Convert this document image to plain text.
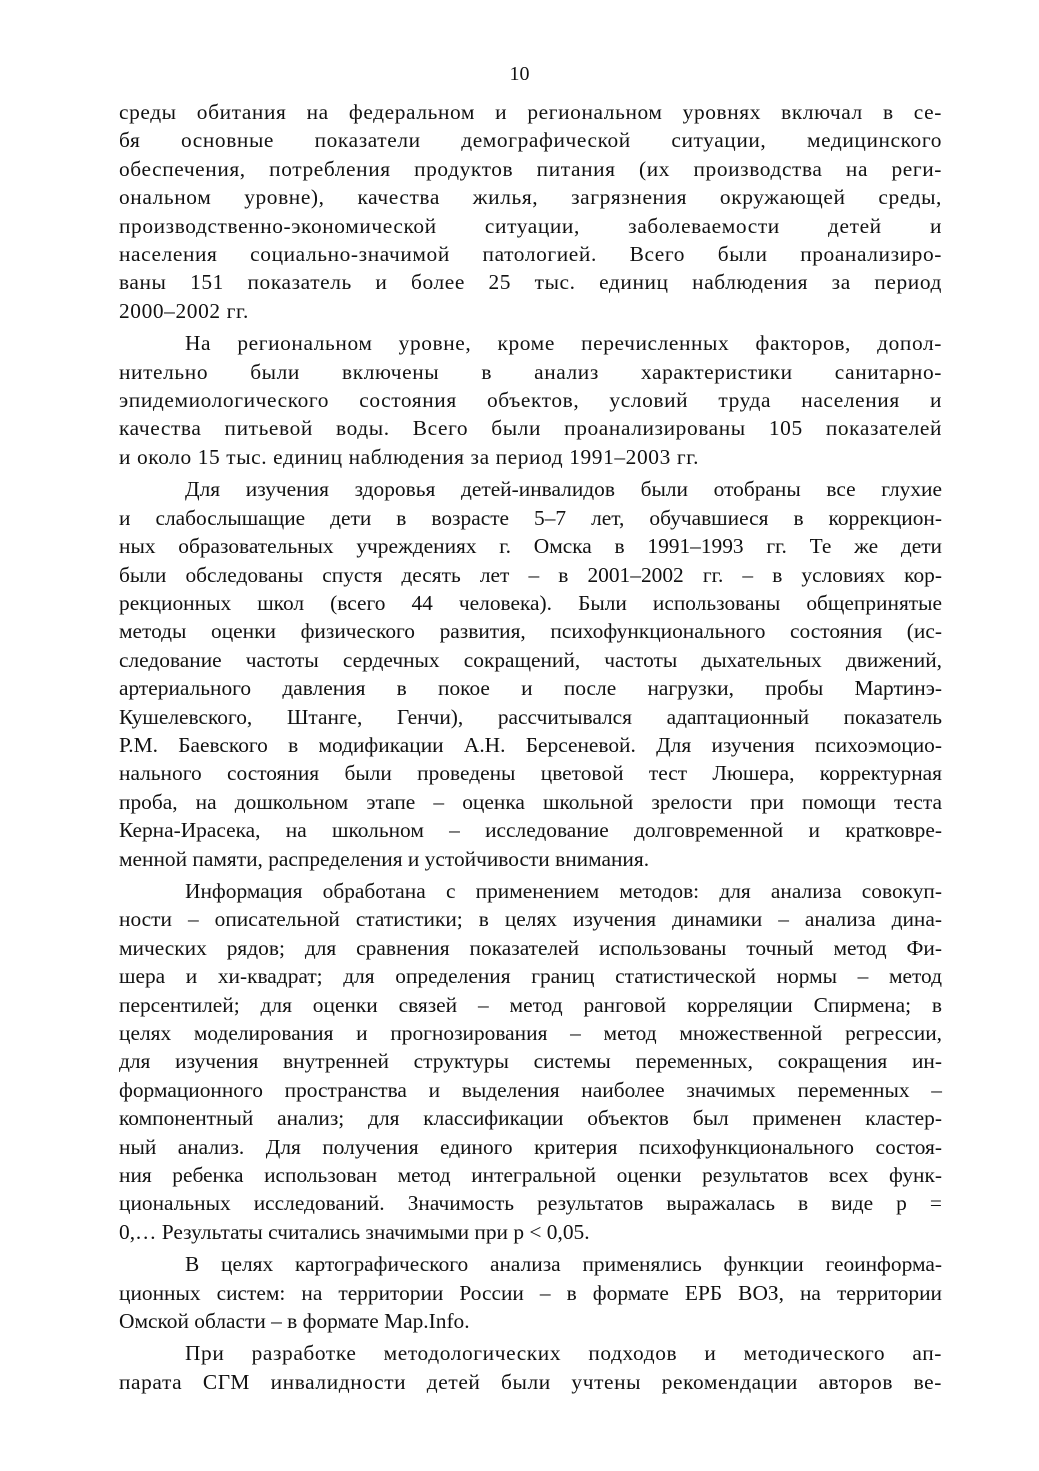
10
среды обитания на федеральном и региональном уровнях включал в се-
бя основные показатели демографической ситуации, медицинского
обеспечения, потребления продуктов питания (их производства на реги-
ональном уровне), качества жилья, загрязнения окружающей среды,
производственно-экономической ситуации, заболеваемости детей и
населения социально-значимой патологией. Всего были проанализиро-
ваны 151 показатель и более 25 тыс. единиц наблюдения за период
2000–2002 гг.
На региональном уровне, кроме перечисленных факторов, допол-
нительно были включены в анализ характеристики санитарно-
эпидемиологического состояния объектов, условий труда населения и
качества питьевой воды. Всего были проанализированы 105 показателей
и около 15 тыс. единиц наблюдения за период 1991–2003 гг.
Для изучения здоровья детей-инвалидов были отобраны все глухие
и слабослышащие дети в возрасте 5–7 лет, обучавшиеся в коррекцион-
ных образовательных учреждениях г. Омска в 1991–1993 гг. Те же дети
были обследованы спустя десять лет – в 2001–2002 гг. – в условиях кор-
рекционных школ (всего 44 человека). Были использованы общепринятые
методы оценки физического развития, психофункционального состояния (ис-
следование частоты сердечных сокращений, частоты дыхательных движений,
артериального давления в покое и после нагрузки, пробы Мартинэ-
Кушелевского, Штанге, Генчи), рассчитывался адаптационный показатель
Р.М. Баевского в модификации А.Н. Берсеневой. Для изучения психоэмоцио-
нального состояния были проведены цветовой тест Люшера, корректурная
проба, на дошкольном этапе – оценка школьной зрелости при помощи теста
Керна-Ирасека, на школьном – исследование долговременной и кратковре-
менной памяти, распределения и устойчивости внимания.
Информация обработана с применением методов: для анализа совокуп-
ности – описательной статистики; в целях изучения динамики – анализа дина-
мических рядов; для сравнения показателей использованы точный метод Фи-
шера и хи-квадрат; для определения границ статистической нормы – метод
персентилей; для оценки связей – метод ранговой корреляции Спирмена; в
целях моделирования и прогнозирования – метод множественной регрессии,
для изучения внутренней структуры системы переменных, сокращения ин-
формационного пространства и выделения наиболее значимых переменных –
компонентный анализ; для классификации объектов был применен кластер-
ный анализ. Для получения единого критерия психофункционального состоя-
ния ребенка использован метод интегральной оценки результатов всех функ-
циональных исследований. Значимость результатов выражалась в виде р =
0,… Результаты считались значимыми при р < 0,05.
В целях картографического анализа применялись функции геоинформа-
ционных систем: на территории России – в формате ЕРБ ВОЗ, на территории
Омской области – в формате Map.Info.
При разработке методологических подходов и методического ап-
парата СГМ инвалидности детей были учтены рекомендации авторов ве-
